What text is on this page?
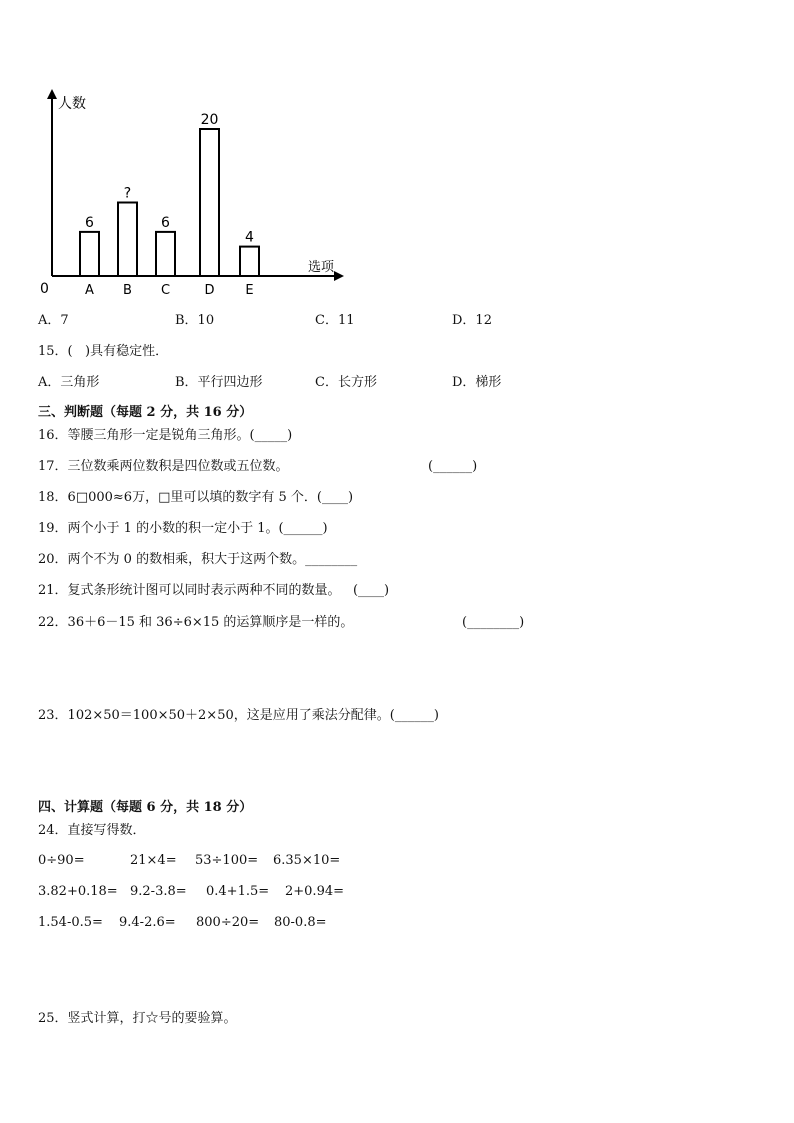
人数
选项
0
6
A
?
B
6
C
20
D
4
E
A．7	B．10	C．11	D．12
15．(   )具有稳定性．
A．三角形	B．平行四边形	C．长方形	D．梯形
三、判断题（每题 2 分，共 16 分）
16．等腰三角形一定是锐角三角形。(_____)
17．三位数乘两位数积是四位数或五位数。	(______)
18．6□000≈6万，□里可以填的数字有 5 个．(____)
19．两个小于 1 的小数的积一定小于 1。(______)
20．两个不为 0 的数相乘，积大于这两个数。________
21．复式条形统计图可以同时表示两种不同的数量。   (____)
22．36＋6－15 和 36÷6×15 的运算顺序是一样的。	(________)
23．102×50＝100×50＋2×50，这是应用了乘法分配律。(______)
四、计算题（每题 6 分，共 18 分）
24．直接写得数．
0÷90=	21×4= 53÷100= 6.35×10=
3.82+0.18= 9.2-3.8= 0.4+1.5= 2+0.94=
1.54-0.5= 9.4-2.6= 800÷20= 80-0.8=
25．竖式计算，打☆号的要验算。
